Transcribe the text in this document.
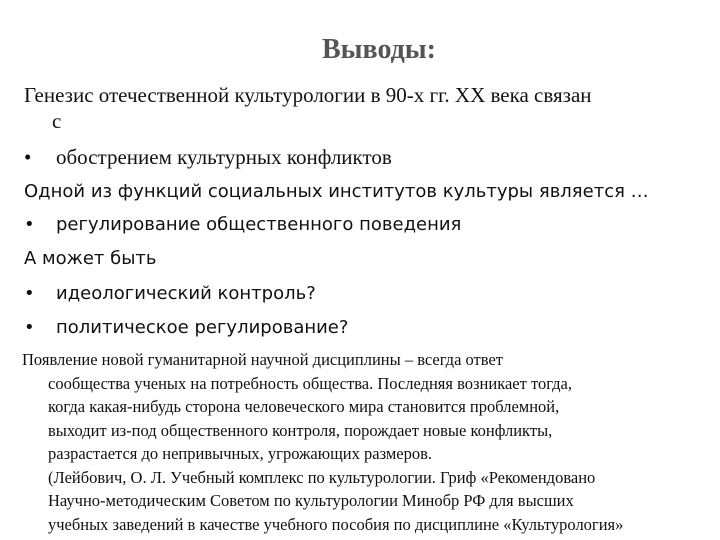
Выводы:
Генезис отечественной культурологии в 90-х гг. XX века связан
с
• обострением культурных конфликтов
Одной из функций социальных институтов культуры является …
• регулирование общественного поведения
А может быть
• идеологический контроль?
• политическое регулирование?
Появление новой гуманитарной научной дисциплины – всегда ответ
сообщества ученых на потребность общества. Последняя возникает тогда,
когда какая-нибудь сторона человеческого мира становится проблемной,
выходит из-под общественного контроля, порождает новые конфликты,
разрастается до непривычных, угрожающих размеров.
(Лейбович, О. Л. Учебный комплекс по культурологии. Гриф «Рекомендовано
Научно-методическим Советом по культурологии Минобр РФ для высших
учебных заведений в качестве учебного пособия по дисциплине «Культурология»
